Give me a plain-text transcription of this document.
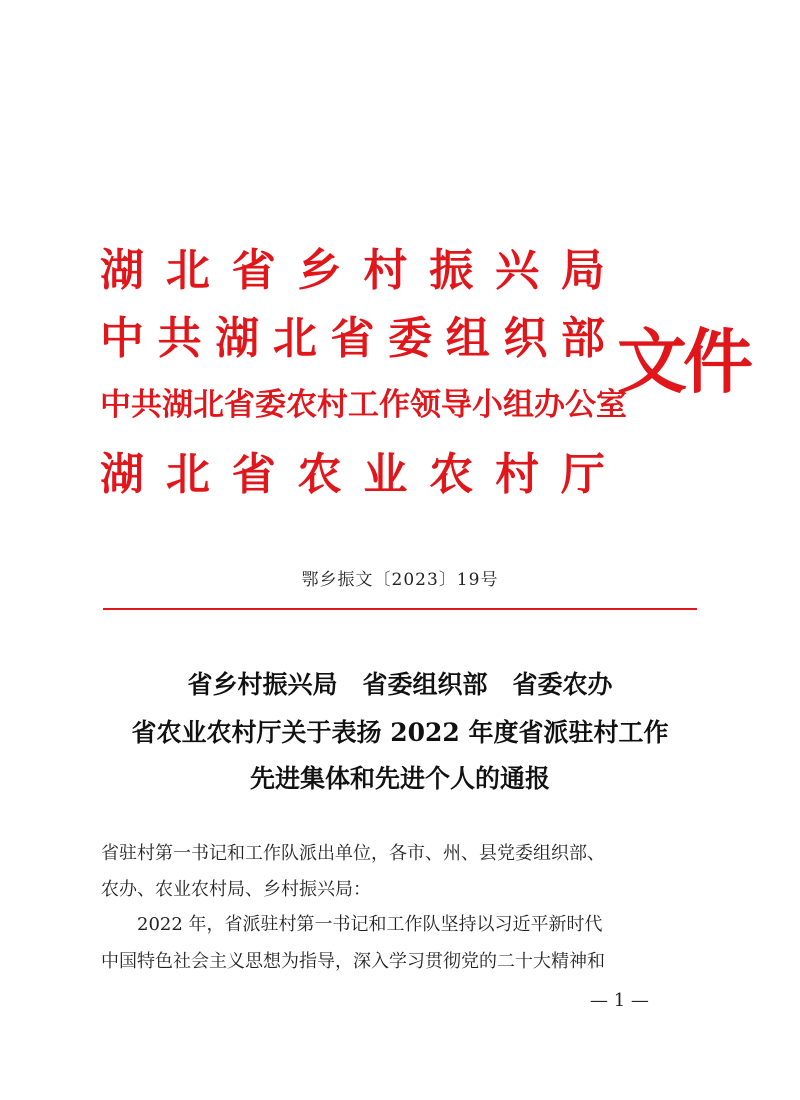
湖 北 省 乡 村 振 兴 局
中 共 湖 北 省 委 组 织 部
中 共 湖 北 省 委 农 村 工 作 领 导 小 组 办 公 室
湖 北 省 农 业 农 村 厅
文件
鄂乡振文〔2023〕19号
省乡村振兴局　省委组织部　省委农办
省农业农村厅关于表扬 2022 年度省派驻村工作
先进集体和先进个人的通报
省驻村第一书记和工作队派出单位，各市、州、县党委组织部、
农办、农业农村局、乡村振兴局：
　　2022 年，省派驻村第一书记和工作队坚持以习近平新时代
中国特色社会主义思想为指导，深入学习贯彻党的二十大精神和
— 1 —
